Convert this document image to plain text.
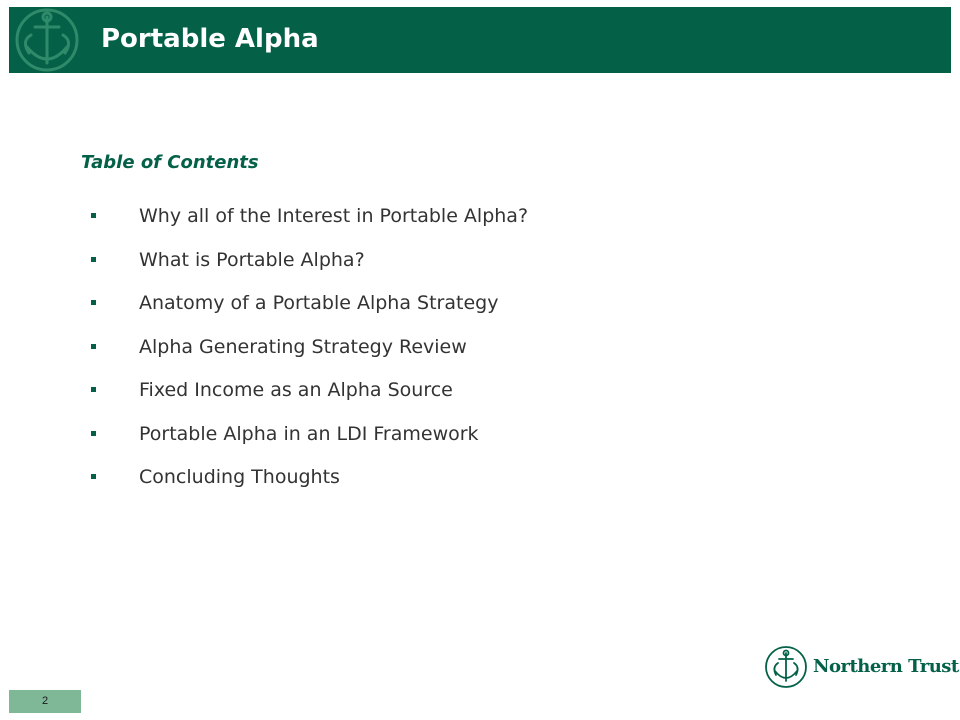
Portable Alpha
Table of Contents
Why all of the Interest in Portable Alpha?
What is Portable Alpha?
Anatomy of a Portable Alpha Strategy
Alpha Generating Strategy Review
Fixed Income as an Alpha Source
Portable Alpha in an LDI Framework
Concluding Thoughts
2
Northern Trust
